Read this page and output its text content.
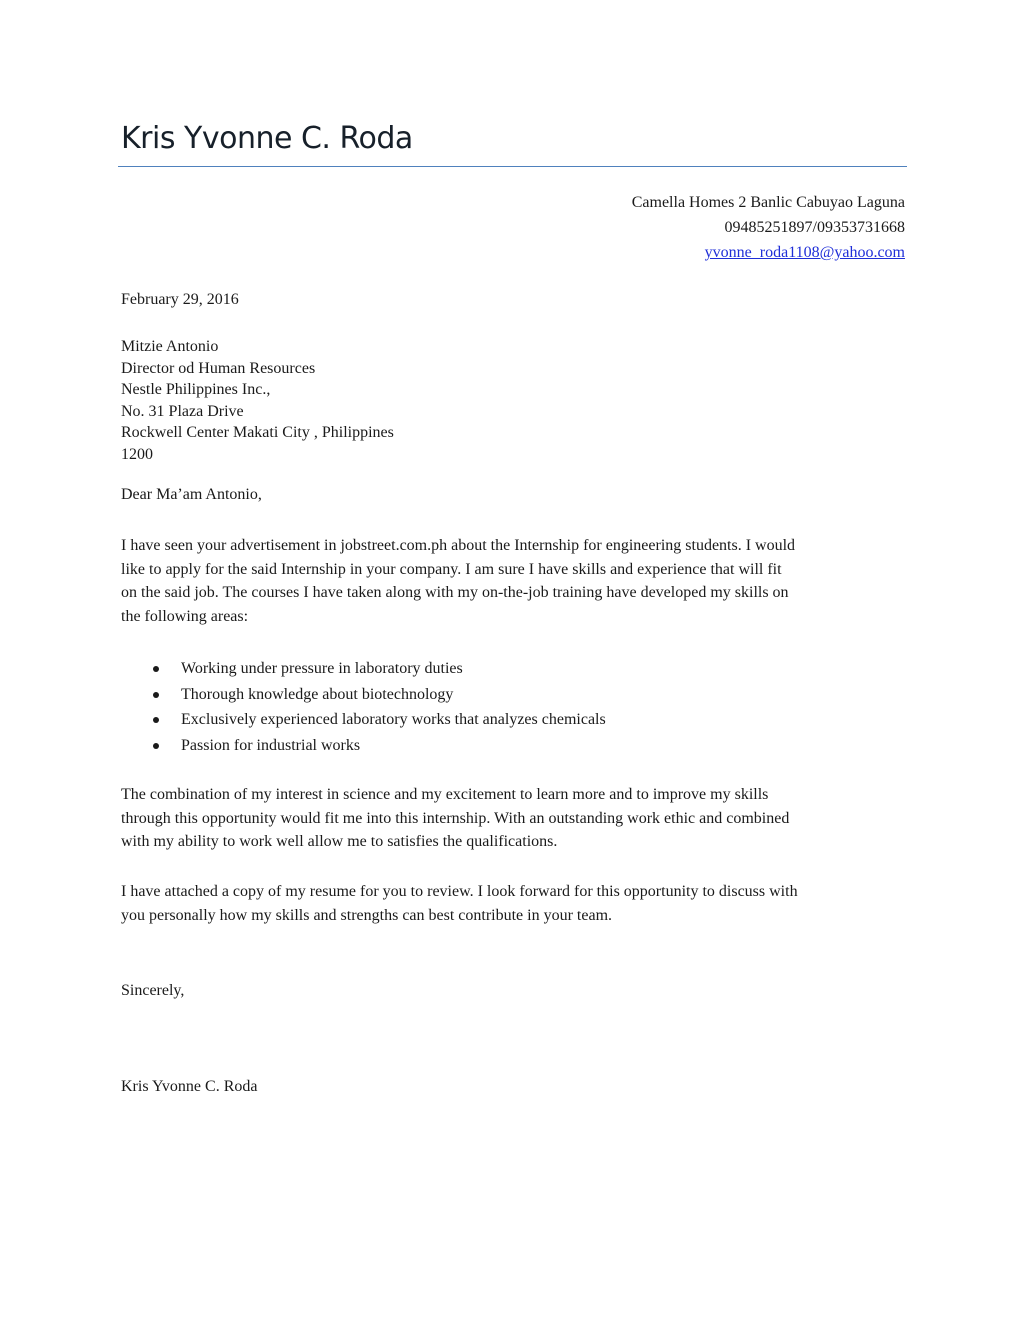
Kris Yvonne C. Roda
Camella Homes 2 Banlic Cabuyao Laguna
09485251897/09353731668
yvonne_roda1108@yahoo.com
February 29, 2016
Mitzie Antonio
Director od Human Resources
Nestle Philippines Inc.,
No. 31 Plaza Drive
Rockwell Center Makati City , Philippines
1200
Dear Ma’am Antonio,
I have seen your advertisement in jobstreet.com.ph about the Internship for engineering students. I would
like to apply for the said Internship in your company. I am sure I have skills and experience that will fit
on the said job. The courses I have taken along with my on-the-job training have developed my skills on
the following areas:
Working under pressure in laboratory duties
Thorough knowledge about biotechnology
Exclusively experienced laboratory works that analyzes chemicals
Passion for industrial works
The combination of my interest in science and my excitement to learn more and to improve my skills
through this opportunity would fit me into this internship. With an outstanding work ethic and combined
with my ability to work well allow me to satisfies the qualifications.
I have attached a copy of my resume for you to review. I look forward for this opportunity to discuss with
you personally how my skills and strengths can best contribute in your team.
Sincerely,
Kris Yvonne C. Roda
